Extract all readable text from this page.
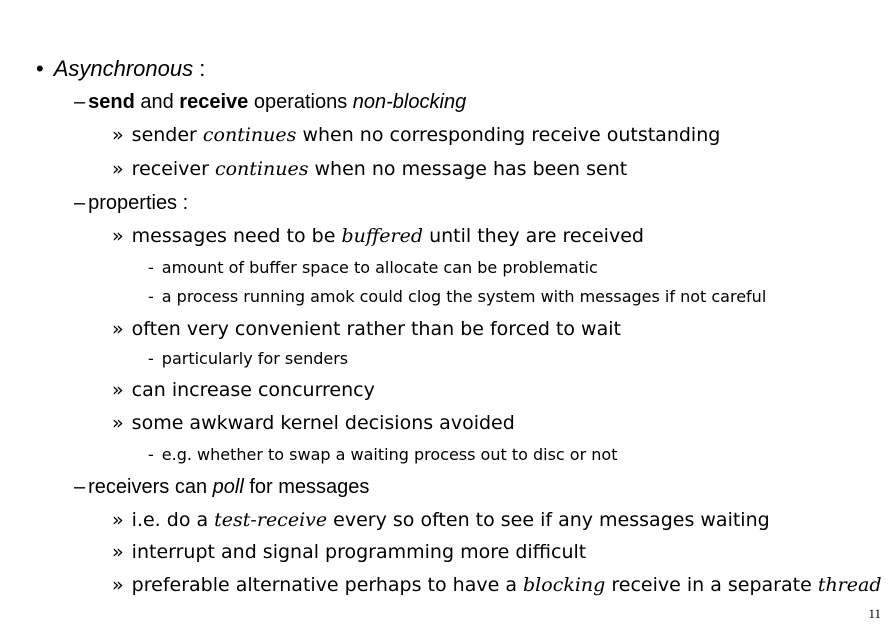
• Asynchronous :
– send and receive operations non-blocking
» sender continues when no corresponding receive outstanding
» receiver continues when no message has been sent
– properties :
» messages need to be buffered until they are received
- amount of buffer space to allocate can be problematic
- a process running amok could clog the system with messages if not careful
» often very convenient rather than be forced to wait
- particularly for senders
» can increase concurrency
» some awkward kernel decisions avoided
- e.g. whether to swap a waiting process out to disc or not
– receivers can poll for messages
» i.e. do a test-receive every so often to see if any messages waiting
» interrupt and signal programming more difficult
» preferable alternative perhaps to have a blocking receive in a separate thread
11
